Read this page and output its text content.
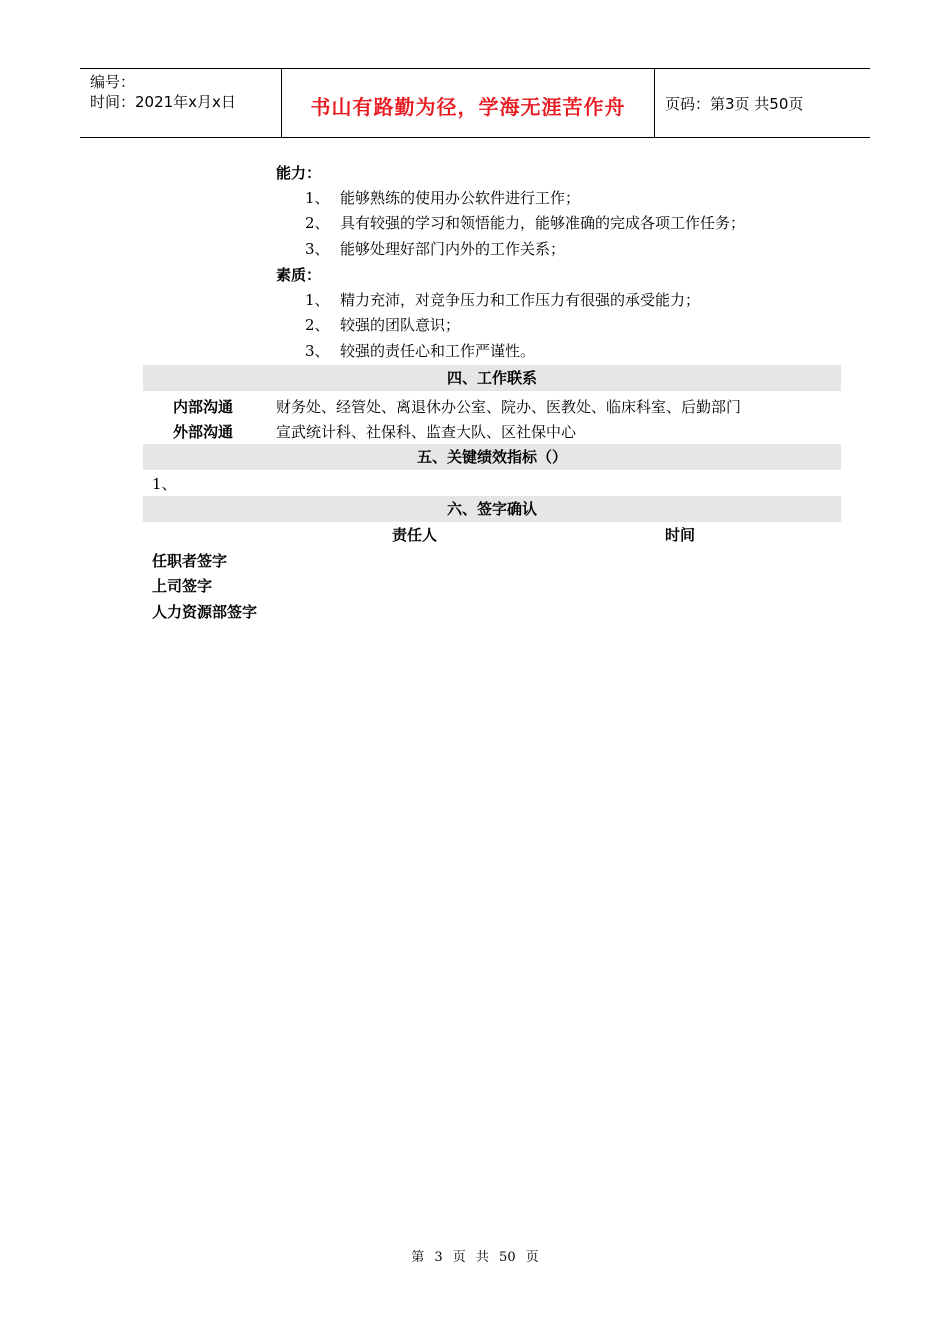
编号：
时间：2021年x月x日	书山有路勤为径，学海无涯苦作舟	页码：第3页 共50页
能力：
1、 能够熟练的使用办公软件进行工作；
2、 具有较强的学习和领悟能力，能够准确的完成各项工作任务；
3、 能够处理好部门内外的工作关系；
素质：
1、 精力充沛，对竞争压力和工作压力有很强的承受能力；
2、 较强的团队意识；
3、 较强的责任心和工作严谨性。
四、工作联系
内部沟通	财务处、经管处、离退休办公室、院办、医教处、临床科室、后勤部门
外部沟通	宣武统计科、社保科、监查大队、区社保中心
五、关键绩效指标（）
1、
六、签字确认
责任人	时间
任职者签字
上司签字
人力资源部签字
第 3 页 共 50 页
